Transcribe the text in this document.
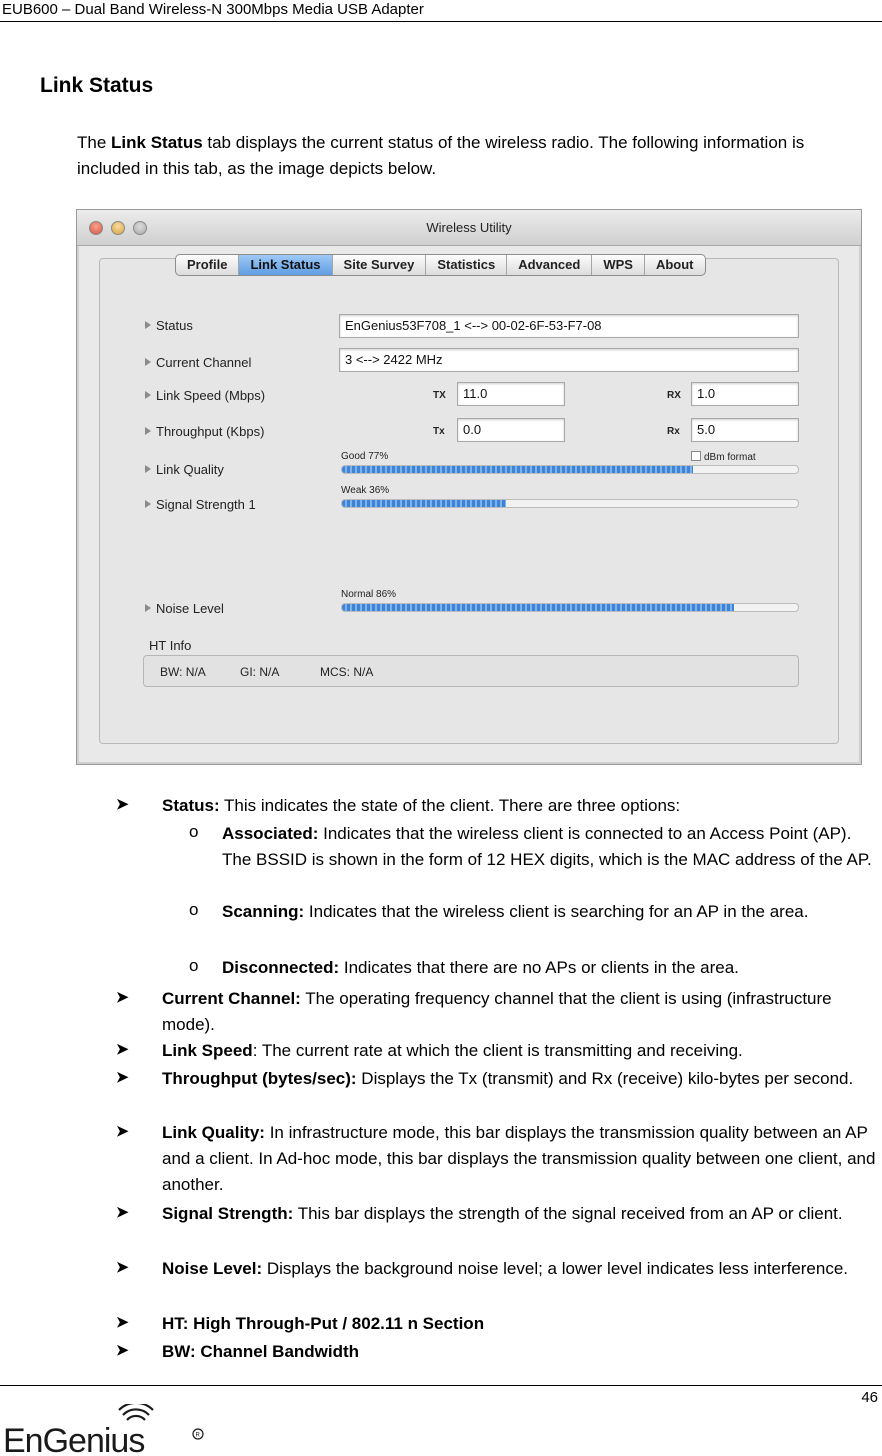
EUB600 – Dual Band Wireless-N 300Mbps Media USB Adapter
Link Status
The Link Status tab displays the current status of the wireless radio. The following information is included in this tab, as the image depicts below.
Wireless Utility
Profile	Link Status	Site Survey	Statistics	Advanced	WPS	About
Status	EnGenius53F708_1 <--> 00-02-6F-53-F7-08
Current Channel	3 <--> 2422 MHz
Link Speed (Mbps)	TX	11.0	RX	1.0
Throughput (Kbps)	Tx	0.0	Rx	5.0
Link Quality
Good 77%	dBm format
Signal Strength 1
Weak 36%
Noise Level
Normal 86%
HT Info
BW: N/A	GI: N/A	MCS: N/A
➤ Status: This indicates the state of the client. There are three options:
o Associated: Indicates that the wireless client is connected to an Access Point (AP). The BSSID is shown in the form of 12 HEX digits, which is the MAC address of the AP.
o Scanning: Indicates that the wireless client is searching for an AP in the area.
o Disconnected: Indicates that there are no APs or clients in the area.
➤ Current Channel: The operating frequency channel that the client is using (infrastructure mode).
➤ Link Speed: The current rate at which the client is transmitting and receiving.
➤ Throughput (bytes/sec): Displays the Tx (transmit) and Rx (receive) kilo-bytes per second.
➤ Link Quality: In infrastructure mode, this bar displays the transmission quality between an AP and a client. In Ad-hoc mode, this bar displays the transmission quality between one client, and another.
➤ Signal Strength: This bar displays the strength of the signal received from an AP or client.
➤ Noise Level: Displays the background noise level; a lower level indicates less interference.
➤ HT: High Through-Put / 802.11 n Section
➤ BW: Channel Bandwidth
46
EnGenius	R
